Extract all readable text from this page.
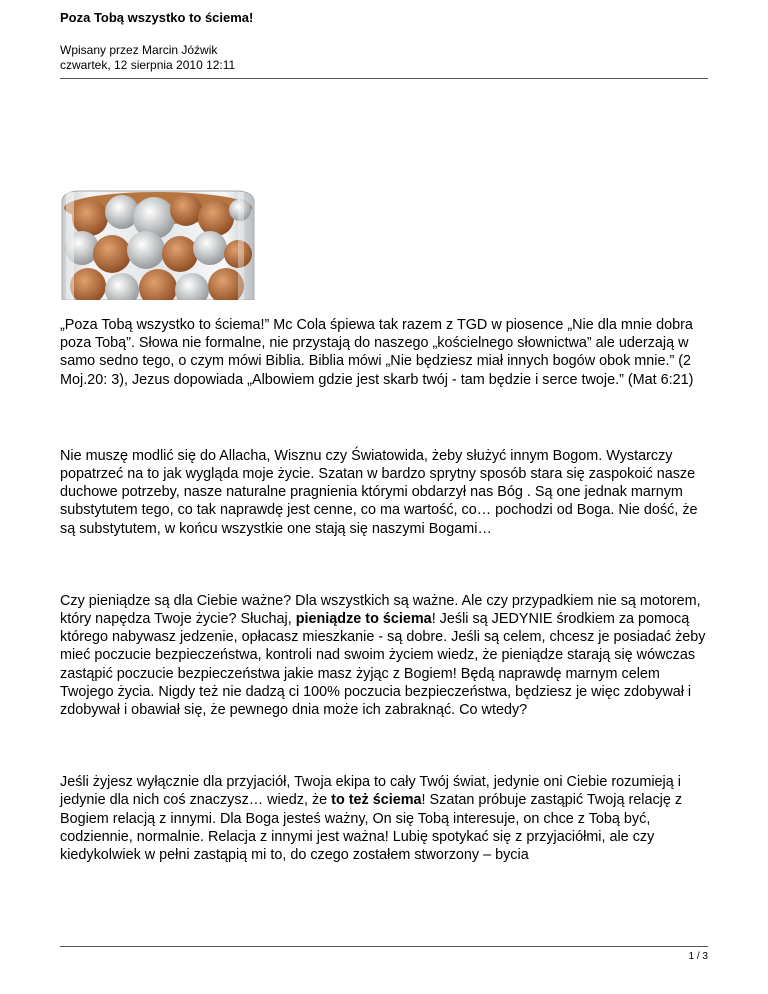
Poza Tobą wszystko to ściema!
Wpisany przez Marcin Jóźwik
czwartek, 12 sierpnia 2010 12:11

„Poza Tobą wszystko to ściema!” Mc Cola śpiewa tak razem z TGD w piosence „Nie dla mnie dobra poza Tobą”. Słowa nie formalne, nie przystają do naszego „kościelnego słownictwa” ale uderzają w samo sedno tego, o czym mówi Biblia. Biblia mówi „Nie będziesz miał innych bogów obok mnie.” (2 Moj.20: 3), Jezus dopowiada „Albowiem gdzie jest skarb twój - tam będzie i serce twoje.” (Mat 6:21)

Nie muszę modlić się do Allacha, Wisznu czy Światowida, żeby służyć innym Bogom. Wystarczy popatrzeć na to jak wygląda moje życie. Szatan w bardzo sprytny sposób stara się zaspokoić nasze duchowe potrzeby, nasze naturalne pragnienia którymi obdarzył nas Bóg . Są one jednak marnym substytutem tego, co tak naprawdę jest cenne, co ma wartość, co… pochodzi od Boga. Nie dość, że są substytutem, w końcu wszystkie one stają się naszymi Bogami…

Czy pieniądze są dla Ciebie ważne? Dla wszystkich są ważne. Ale czy przypadkiem nie są motorem, który napędza Twoje życie? Słuchaj, pieniądze to ściema! Jeśli są JEDYNIE środkiem za pomocą którego nabywasz jedzenie, opłacasz mieszkanie - są dobre. Jeśli są celem, chcesz je posiadać żeby mieć poczucie bezpieczeństwa, kontroli nad swoim życiem wiedz, że pieniądze starają się wówczas zastąpić poczucie bezpieczeństwa jakie masz żyjąc z Bogiem! Będą naprawdę marnym celem Twojego życia. Nigdy też nie dadzą ci 100% poczucia bezpieczeństwa, będziesz je więc zdobywał i zdobywał i obawiał się, że pewnego dnia może ich zabraknąć. Co wtedy?

Jeśli żyjesz wyłącznie dla przyjaciół, Twoja ekipa to cały Twój świat, jedynie oni Ciebie rozumieją i jedynie dla nich coś znaczysz… wiedz, że to też ściema! Szatan próbuje zastąpić Twoją relację z Bogiem relacją z innymi. Dla Boga jesteś ważny, On się Tobą interesuje, on chce z Tobą być, codziennie, normalnie. Relacja z innymi jest ważna! Lubię spotykać się z przyjaciółmi, ale czy kiedykolwiek w pełni zastąpią mi to, do czego zostałem stworzony – bycia

1 / 3
